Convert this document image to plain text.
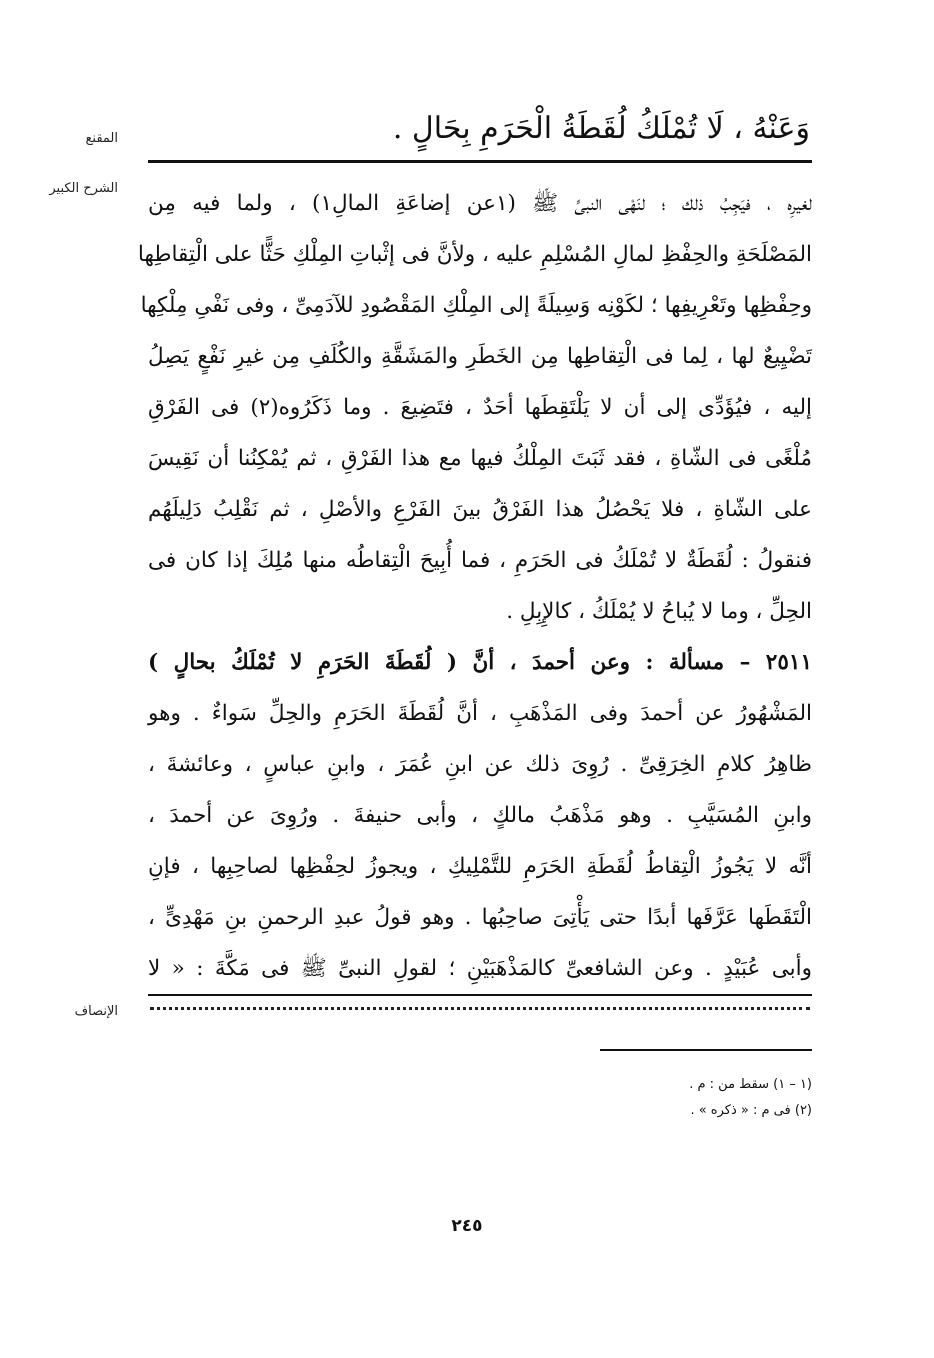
المقنع	وَعَنْهُ ، لَا تُمْلَكُ لُقَطَةُ الْحَرَمِ بِحَالٍ .
الشرح الكبير
لغيرِه ، فيَجِبُ ذلك ؛ لنَهْى النبىِّ ﷺ (١عن إضاعَةِ المالِ١) ، ولما فيه مِن
المَصْلَحَةِ والحِفْظِ لمالِ المُسْلِمِ عليه ، ولأنَّ فى إثْباتِ المِلْكِ حَثًّا على الْتِقاطِها
وحِفْظِها وتَعْرِيفِها ؛ لكَوْنِه وَسِيلَةً إلى المِلْكِ المَقْصُودِ للآدَمِىِّ ، وفى نَفْىِ مِلْكِها
تَضْيِيعٌ لها ، لِما فى الْتِقاطِها مِن الخَطَرِ والمَشَقَّةِ والكُلَفِ مِن غيرِ نَفْعٍ يَصِلُ
إليه ، فيُؤَدِّى إلى أن لا يَلْتَقِطَها أحَدٌ ، فتَضِيعَ . وما ذَكَرُوه(٢) فى الفَرْقِ
مُلْغًى فى الشّاةِ ، فقد ثَبَتَ المِلْكُ فيها مع هذا الفَرْقِ ، ثم يُمْكِنُنا أن نَقِيسَ
على الشّاةِ ، فلا يَحْصُلُ هذا الفَرْقُ بينَ الفَرْعِ والأصْلِ ، ثم نَقْلِبُ دَلِيلَهُم
فنقولُ : لُقَطَةٌ لا تُمْلَكُ فى الحَرَمِ ، فما أُبِيحَ الْتِقاطُه منها مُلِكَ إذا كان فى
الحِلِّ ، وما لا يُباحُ لا يُمْلَكُ ، كالإِبِلِ .
٢٥١١ – مسألة : وعن أحمدَ ، أنَّ ( لُقَطَةَ الحَرَمِ لا تُمْلَكُ بحالٍ )
المَشْهُورُ عن أحمدَ وفى المَذْهَبِ ، أنَّ لُقَطَةَ الحَرَمِ والحِلِّ سَواءٌ . وهو
ظاهِرُ كلامِ الخِرَقِىِّ . رُوِىَ ذلك عن ابنِ عُمَرَ ، وابنِ عباسٍ ، وعائشةَ ،
وابنِ المُسَيَّبِ . وهو مَذْهَبُ مالكٍ ، وأبى حنيفةَ . ورُوِىَ عن أحمدَ ،
أنَّه لا يَجُوزُ الْتِقاطُ لُقَطَةِ الحَرَمِ للتَّمْلِيكِ ، ويجوزُ لحِفْظِها لصاحِبِها ، فإنِ
الْتَقَطَها عَرَّفَها أبدًا حتى يَأْتِىَ صاحِبُها . وهو قولُ عبدِ الرحمنِ بنِ مَهْدِىٍّ ،
وأبى عُبَيْدٍ . وعن الشافعىِّ كالمَذْهَبَيْنِ ؛ لقولِ النبىِّ ﷺ فى مَكَّةَ : « لا
الإنصاف
(١ – ١) سقط من : م .
(٢) فى م : « ذكره » .
٢٤٥
